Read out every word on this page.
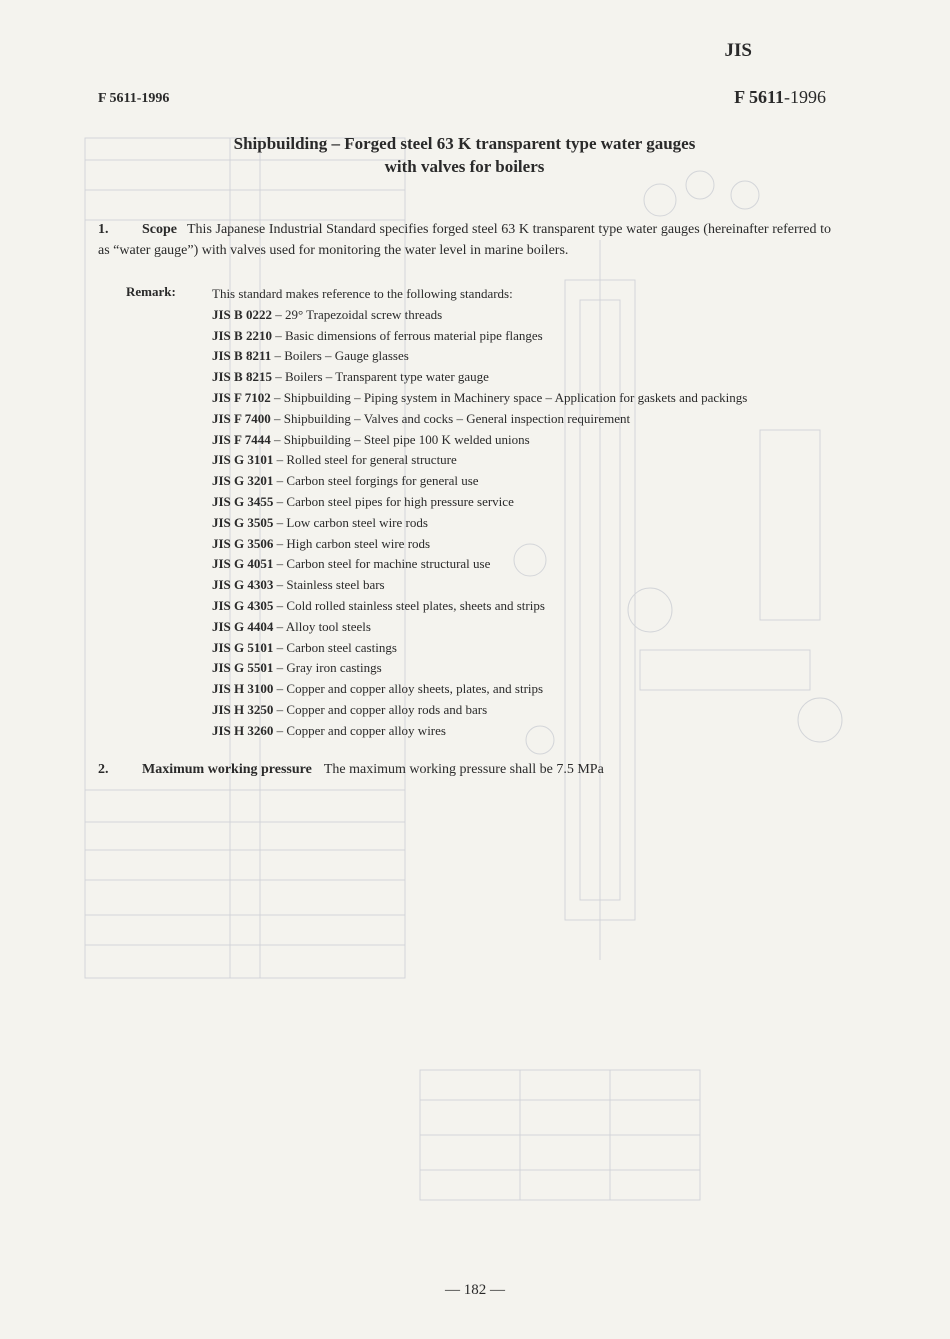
JIS
F 5611-1996	F 5611-1996
Shipbuilding – Forged steel 63 K transparent type water gauges
with valves for boilers
1. Scope This Japanese Industrial Standard specifies forged steel 63 K transparent type water gauges (hereinafter referred to as “water gauge”) with valves used for monitoring the water level in marine boilers.
Remark:	This standard makes reference to the following standards:
JIS B 0222 – 29° Trapezoidal screw threads
JIS B 2210 – Basic dimensions of ferrous material pipe flanges
JIS B 8211 – Boilers – Gauge glasses
JIS B 8215 – Boilers – Transparent type water gauge
JIS F 7102 – Shipbuilding – Piping system in Machinery space – Application for gaskets and packings
JIS F 7400 – Shipbuilding – Valves and cocks – General inspection requirement
JIS F 7444 – Shipbuilding – Steel pipe 100 K welded unions
JIS G 3101 – Rolled steel for general structure
JIS G 3201 – Carbon steel forgings for general use
JIS G 3455 – Carbon steel pipes for high pressure service
JIS G 3505 – Low carbon steel wire rods
JIS G 3506 – High carbon steel wire rods
JIS G 4051 – Carbon steel for machine structural use
JIS G 4303 – Stainless steel bars
JIS G 4305 – Cold rolled stainless steel plates, sheets and strips
JIS G 4404 – Alloy tool steels
JIS G 5101 – Carbon steel castings
JIS G 5501 – Gray iron castings
JIS H 3100 – Copper and copper alloy sheets, plates, and strips
JIS H 3250 – Copper and copper alloy rods and bars
JIS H 3260 – Copper and copper alloy wires
2. Maximum working pressure The maximum working pressure shall be 7.5 MPa
— 182 —
